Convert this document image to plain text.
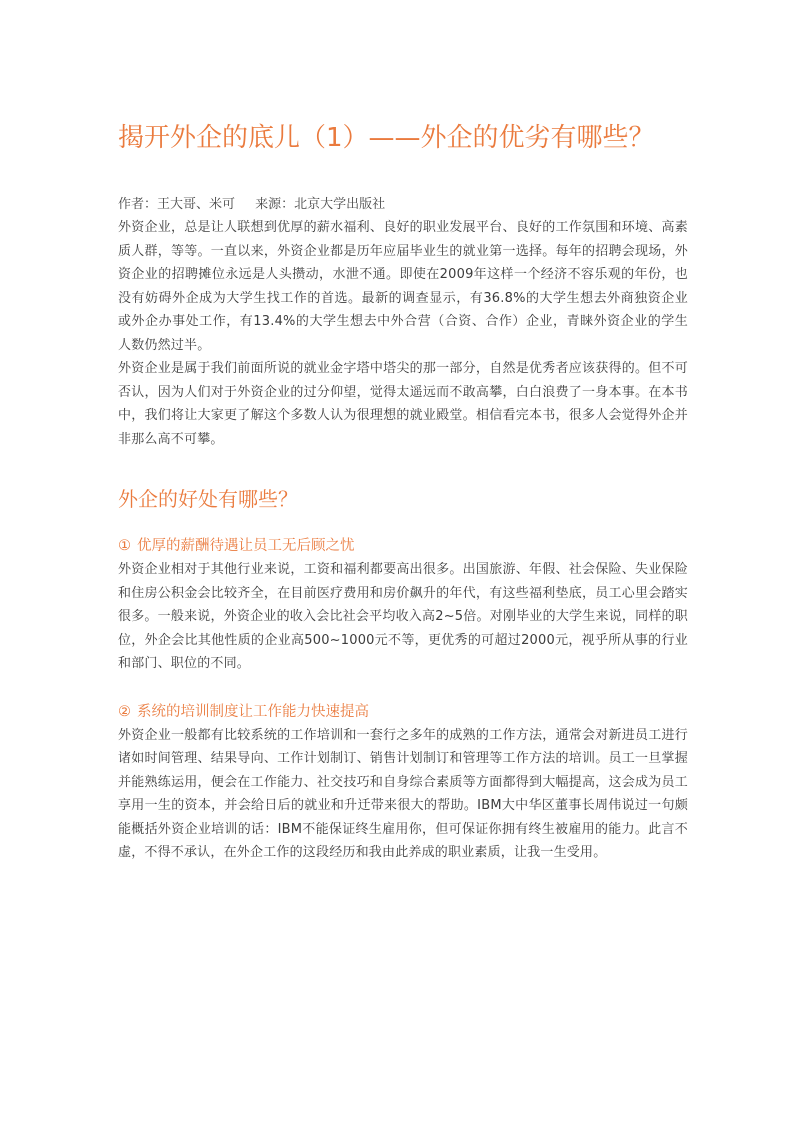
揭开外企的底儿（1）——外企的优劣有哪些？
作者：王大哥、米可 来源：北京大学出版社

外资企业，总是让人联想到优厚的薪水福利、良好的职业发展平台、良好的工作氛围和环境、高素质人群，等等。一直以来，外资企业都是历年应届毕业生的就业第一选择。每年的招聘会现场，外资企业的招聘摊位永远是人头攒动，水泄不通。即使在2009年这样一个经济不容乐观的年份，也没有妨碍外企成为大学生找工作的首选。最新的调查显示，有36.8%的大学生想去外商独资企业或外企办事处工作，有13.4%的大学生想去中外合营（合资、合作）企业，青睐外资企业的学生人数仍然过半。

外资企业是属于我们前面所说的就业金字塔中塔尖的那一部分，自然是优秀者应该获得的。但不可否认，因为人们对于外资企业的过分仰望，觉得太遥远而不敢高攀，白白浪费了一身本事。在本书中，我们将让大家更了解这个多数人认为很理想的就业殿堂。相信看完本书，很多人会觉得外企并非那么高不可攀。

外企的好处有哪些？
① 优厚的薪酬待遇让员工无后顾之忧

外资企业相对于其他行业来说，工资和福利都要高出很多。出国旅游、年假、社会保险、失业保险和住房公积金会比较齐全，在目前医疗费用和房价飙升的年代，有这些福利垫底，员工心里会踏实很多。一般来说，外资企业的收入会比社会平均收入高2~5倍。对刚毕业的大学生来说，同样的职位，外企会比其他性质的企业高500~1000元不等，更优秀的可超过2000元，视乎所从事的行业和部门、职位的不同。

② 系统的培训制度让工作能力快速提高

外资企业一般都有比较系统的工作培训和一套行之多年的成熟的工作方法，通常会对新进员工进行诸如时间管理、结果导向、工作计划制订、销售计划制订和管理等工作方法的培训。员工一旦掌握并能熟练运用，便会在工作能力、社交技巧和自身综合素质等方面都得到大幅提高，这会成为员工享用一生的资本，并会给日后的就业和升迁带来很大的帮助。IBM大中华区董事长周伟说过一句颇能概括外资企业培训的话：IBM不能保证终生雇用你，但可保证你拥有终生被雇用的能力。此言不虚，不得不承认，在外企工作的这段经历和我由此养成的职业素质，让我一生受用。
